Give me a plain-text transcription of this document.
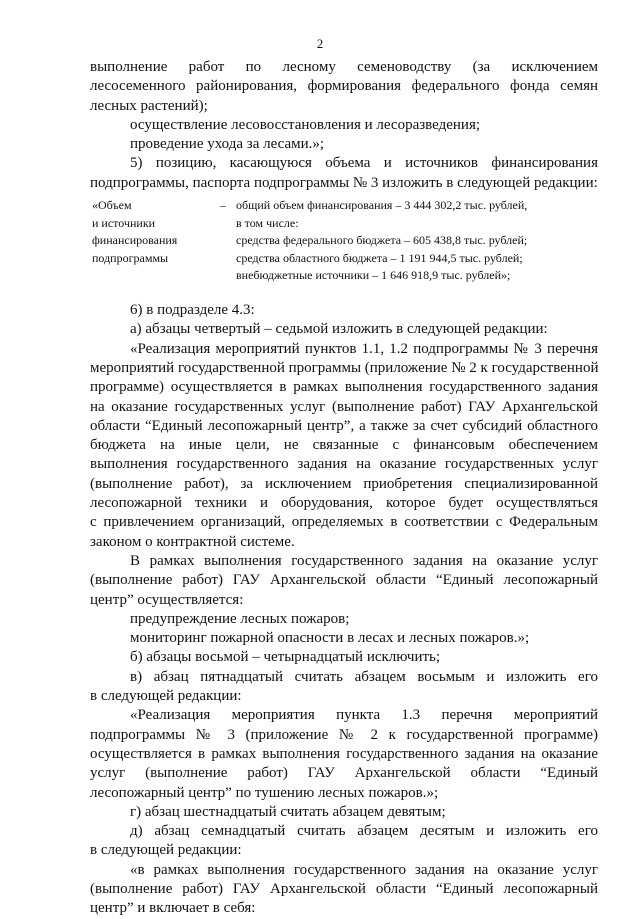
2
выполнение работ по лесному семеноводству (за исключением
лесосеменного районирования, формирования федерального фонда семян
лесных растений);
осуществление лесовосстановления и лесоразведения;
проведение ухода за лесами.»;
5) позицию, касающуюся объема и источников финансирования
подпрограммы, паспорта подпрограммы № 3 изложить в следующей редакции:
«Объем
и источники
финансирования
подпрограммы
– общий объем финансирования – 3 444 302,2 тыс. рублей,
в том числе:
средства федерального бюджета – 605 438,8 тыс. рублей;
средства областного бюджета – 1 191 944,5 тыс. рублей;
внебюджетные источники – 1 646 918,9 тыс. рублей»;
6) в подразделе 4.3:
а) абзацы четвертый – седьмой изложить в следующей редакции:
«Реализация мероприятий пунктов 1.1, 1.2 подпрограммы № 3 перечня
мероприятий государственной программы (приложение № 2 к государственной
программе) осуществляется в рамках выполнения государственного задания
на оказание государственных услуг (выполнение работ) ГАУ Архангельской
области “Единый лесопожарный центр”, а также за счет субсидий областного
бюджета на иные цели, не связанные с финансовым обеспечением
выполнения государственного задания на оказание государственных услуг
(выполнение работ), за исключением приобретения специализированной
лесопожарной техники и оборудования, которое будет осуществляться
с привлечением организаций, определяемых в соответствии с Федеральным
законом о контрактной системе.
В рамках выполнения государственного задания на оказание услуг
(выполнение работ) ГАУ Архангельской области “Единый лесопожарный
центр” осуществляется:
предупреждение лесных пожаров;
мониторинг пожарной опасности в лесах и лесных пожаров.»;
б) абзацы восьмой – четырнадцатый исключить;
в) абзац пятнадцатый считать абзацем восьмым и изложить его
в следующей редакции:
«Реализация мероприятия пункта 1.3 перечня мероприятий
подпрограммы № 3 (приложение № 2 к государственной программе)
осуществляется в рамках выполнения государственного задания на оказание
услуг (выполнение работ) ГАУ Архангельской области “Единый
лесопожарный центр” по тушению лесных пожаров.»;
г) абзац шестнадцатый считать абзацем девятым;
д) абзац семнадцатый считать абзацем десятым и изложить его
в следующей редакции:
«в рамках выполнения государственного задания на оказание услуг
(выполнение работ) ГАУ Архангельской области “Единый лесопожарный
центр” и включает в себя:
